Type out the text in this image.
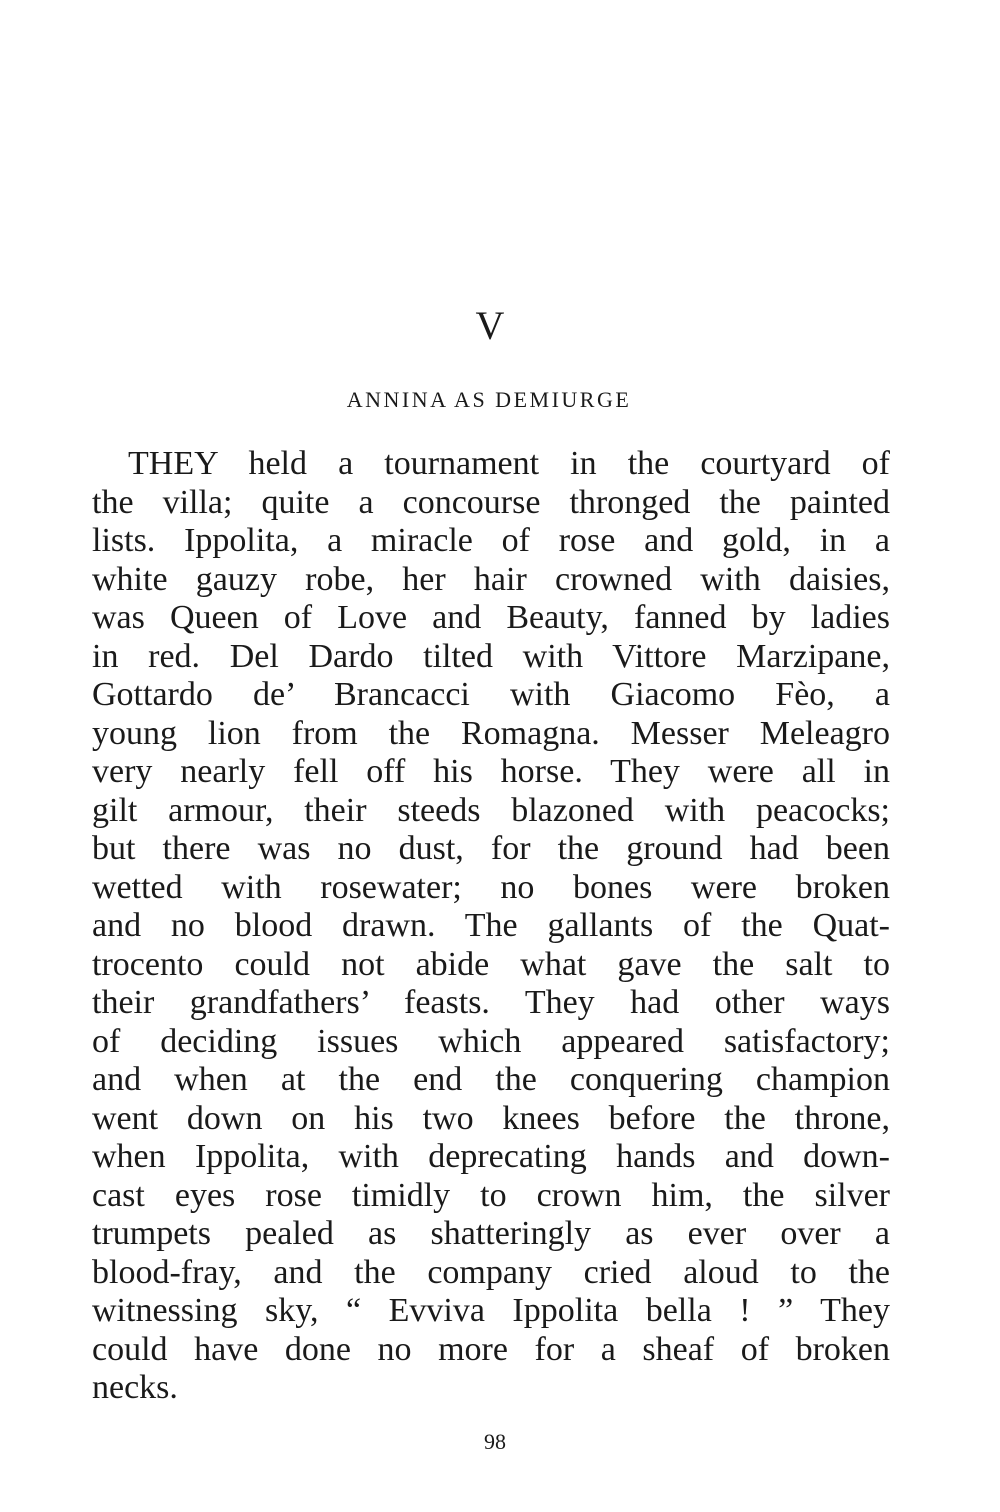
V
ANNINA AS DEMIURGE
THEY held a tournament in the courtyard of
the villa; quite a concourse thronged the painted
lists. Ippolita, a miracle of rose and gold, in a
white gauzy robe, her hair crowned with daisies,
was Queen of Love and Beauty, fanned by ladies
in red. Del Dardo tilted with Vittore Marzipane,
Gottardo de’ Brancacci with Giacomo Fèo, a
young lion from the Romagna. Messer Meleagro
very nearly fell off his horse. They were all in
gilt armour, their steeds blazoned with peacocks;
but there was no dust, for the ground had been
wetted with rosewater; no bones were broken
and no blood drawn. The gallants of the Quat-
trocento could not abide what gave the salt to
their grandfathers’ feasts. They had other ways
of deciding issues which appeared satisfactory;
and when at the end the conquering champion
went down on his two knees before the throne,
when Ippolita, with deprecating hands and down-
cast eyes rose timidly to crown him, the silver
trumpets pealed as shatteringly as ever over a
blood-fray, and the company cried aloud to the
witnessing sky, “ Evviva Ippolita bella ! ” They
could have done no more for a sheaf of broken
necks.
98
